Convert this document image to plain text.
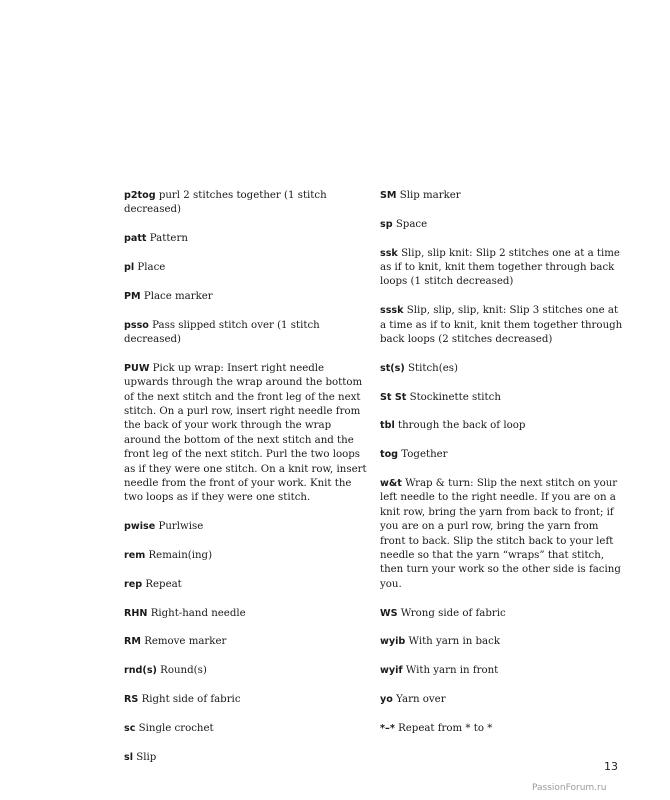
p2tog purl 2 stitches together (1 stitch decreased)

patt Pattern

pl Place

PM Place marker

psso Pass slipped stitch over (1 stitch decreased)

PUW Pick up wrap: Insert right needle upwards through the wrap around the bottom of the next stitch and the front leg of the next stitch. On a purl row, insert right needle from the back of your work through the wrap around the bottom of the next stitch and the front leg of the next stitch. Purl the two loops as if they were one stitch. On a knit row, insert needle from the front of your work. Knit the two loops as if they were one stitch.

pwise Purlwise

rem Remain(ing)

rep Repeat

RHN Right-hand needle

RM Remove marker

rnd(s) Round(s)

RS Right side of fabric

sc Single crochet

sl Slip

SM Slip marker

sp Space

ssk Slip, slip knit: Slip 2 stitches one at a time as if to knit, knit them together through back loops (1 stitch decreased)

sssk Slip, slip, slip, knit: Slip 3 stitches one at a time as if to knit, knit them together through back loops (2 stitches decreased)

st(s) Stitch(es)

St St Stockinette stitch

tbl through the back of loop

tog Together

w&t Wrap & turn: Slip the next stitch on your left needle to the right needle. If you are on a knit row, bring the yarn from back to front; if you are on a purl row, bring the yarn from front to back. Slip the stitch back to your left needle so that the yarn “wraps” that stitch, then turn your work so the other side is facing you.

WS Wrong side of fabric

wyib With yarn in back

wyif With yarn in front

yo Yarn over

*–* Repeat from * to *

13
PassionForum.ru
